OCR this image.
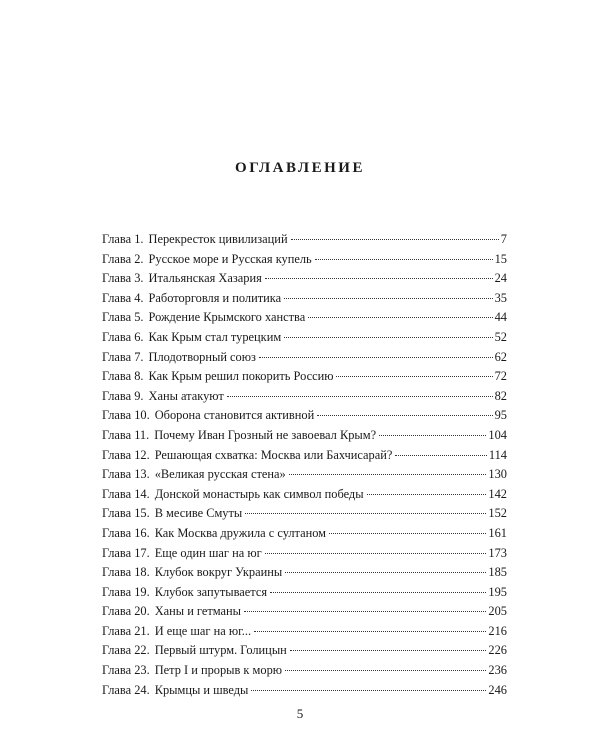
ОГЛАВЛЕНИЕ
Глава 1. Перекресток цивилизаций	7
Глава 2. Русское море и Русская купель	15
Глава 3. Итальянская Хазария	24
Глава 4. Работорговля и политика	35
Глава 5. Рождение Крымского ханства	44
Глава 6. Как Крым стал турецким	52
Глава 7. Плодотворный союз	62
Глава 8. Как Крым решил покорить Россию	72
Глава 9. Ханы атакуют	82
Глава 10. Оборона становится активной	95
Глава 11. Почему Иван Грозный не завоевал Крым?	104
Глава 12. Решающая схватка: Москва или Бахчисарай?	114
Глава 13. «Великая русская стена»	130
Глава 14. Донской монастырь как символ победы	142
Глава 15. В месиве Смуты	152
Глава 16. Как Москва дружила с султаном	161
Глава 17. Еще один шаг на юг	173
Глава 18. Клубок вокруг Украины	185
Глава 19. Клубок запутывается	195
Глава 20. Ханы и гетманы	205
Глава 21. И еще шаг на юг...	216
Глава 22. Первый штурм. Голицын	226
Глава 23. Петр I и прорыв к морю	236
Глава 24. Крымцы и шведы	246
5
